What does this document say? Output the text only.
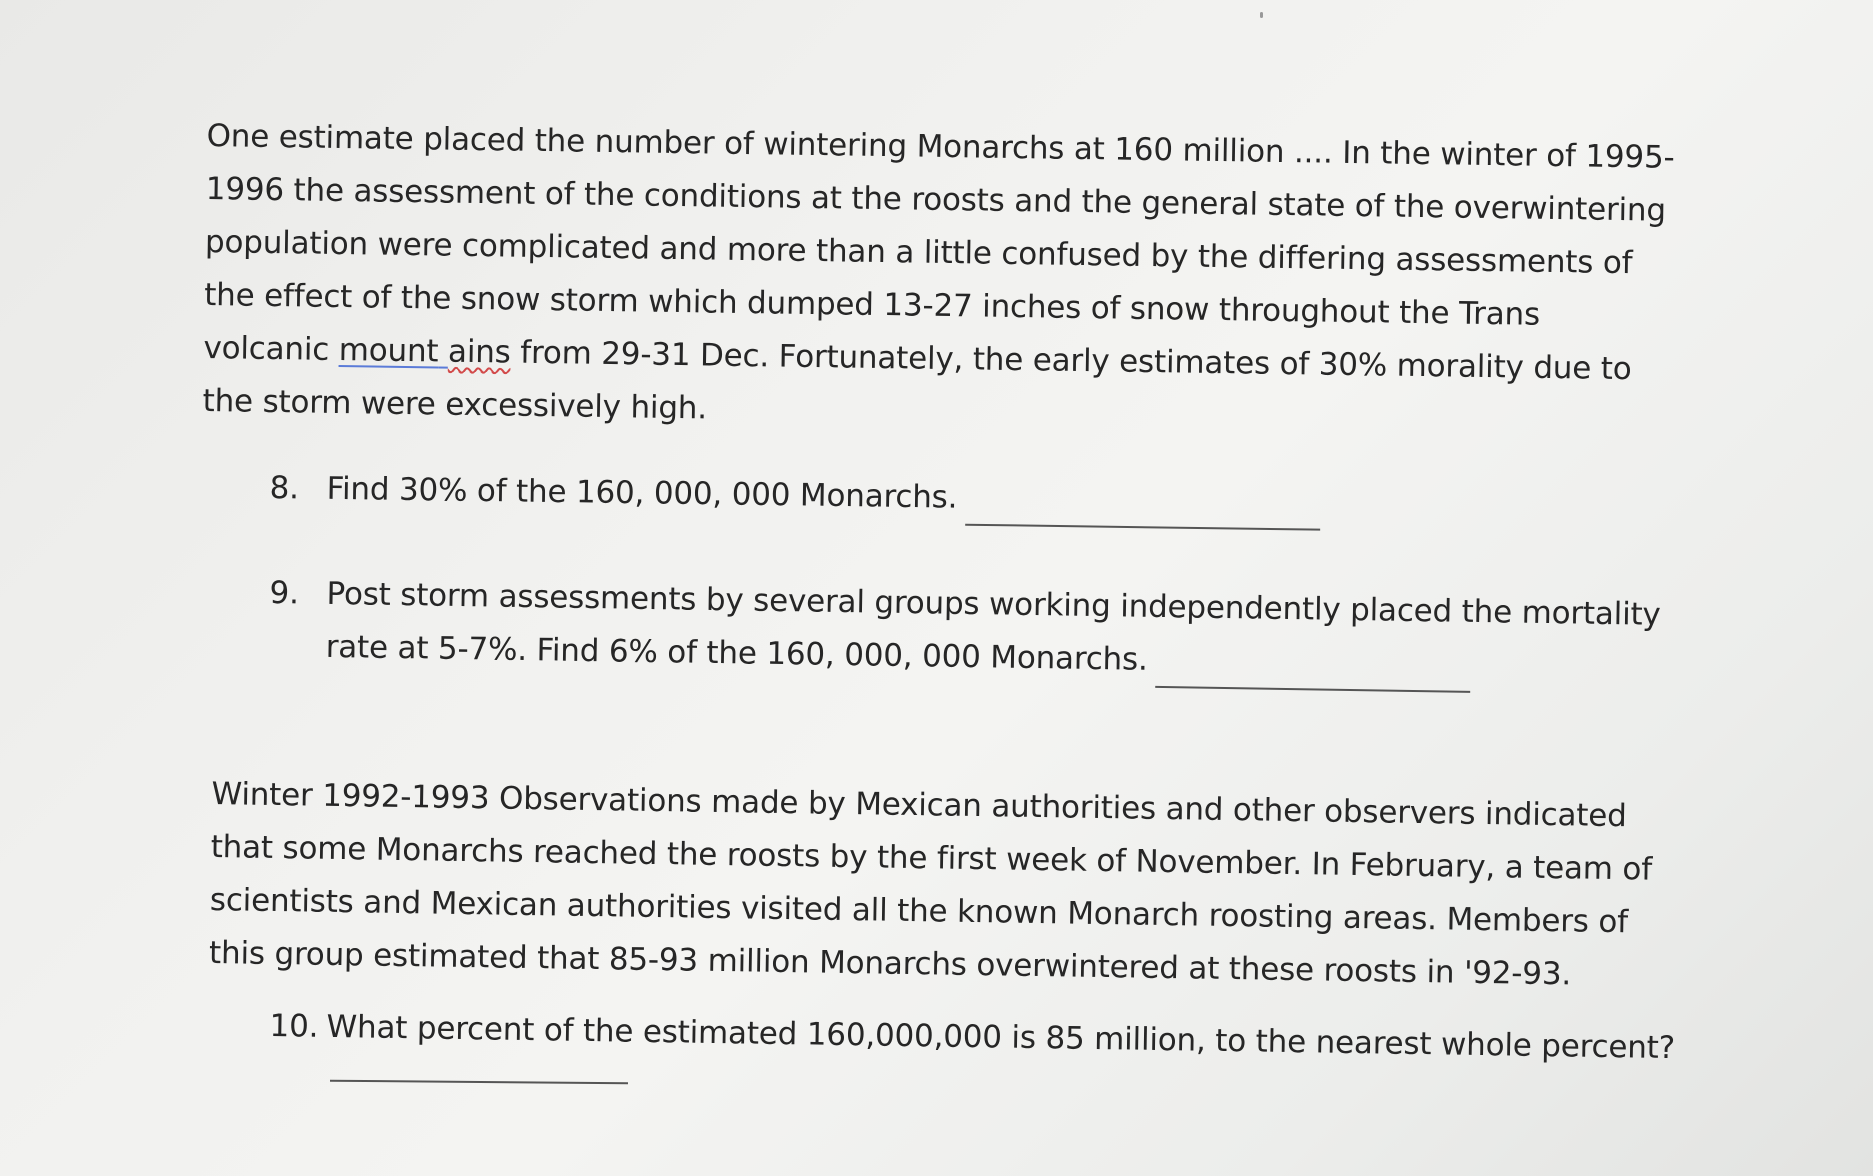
One estimate placed the number of wintering Monarchs at 160 million .... In the winter of 1995-
1996 the assessment of the conditions at the roosts and the general state of the overwintering
population were complicated and more than a little confused by the differing assessments of
the effect of the snow storm which dumped 13-27 inches of snow throughout the Trans
volcanic mount ains from 29-31 Dec. Fortunately, the early estimates of 30% morality due to
the storm were excessively high.
8. Find 30% of the 160, 000, 000 Monarchs.
9. Post storm assessments by several groups working independently placed the mortality
rate at 5-7%. Find 6% of the 160, 000, 000 Monarchs.
Winter 1992-1993 Observations made by Mexican authorities and other observers indicated
that some Monarchs reached the roosts by the first week of November. In February, a team of
scientists and Mexican authorities visited all the known Monarch roosting areas. Members of
this group estimated that 85-93 million Monarchs overwintered at these roosts in '92-93.
10. What percent of the estimated 160,000,000 is 85 million, to the nearest whole percent?
